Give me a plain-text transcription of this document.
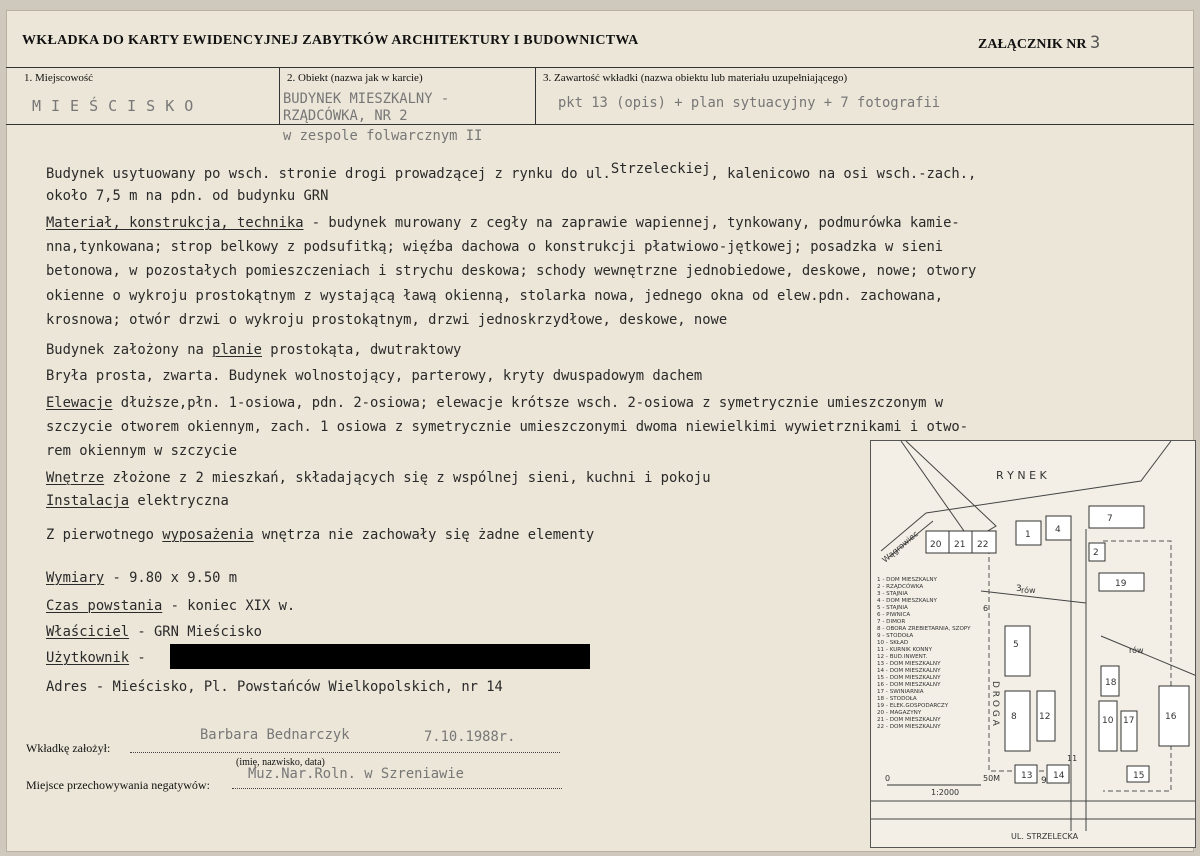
WKŁADKA DO KARTY EWIDENCYJNEJ ZABYTKÓW ARCHITEKTURY I BUDOWNICTWA	ZAŁĄCZNIK NR 3
1. Miejscowość	2. Obiekt (nazwa jak w karcie)	3. Zawartość wkładki (nazwa obiektu lub materiału uzupełniającego)
MIEŚCISKO	BUDYNEK MIESZKALNY -
RZĄDCÓWKA, NR 2
w zespole folwarcznym II
pkt 13 (opis) + plan sytuacyjny + 7 fotografii
Budynek usytuowany po wsch. stronie drogi prowadzącej z rynku do ul.Strzeleckiej, kalenicowo na osi wsch.-zach.,
około 7,5 m na pdn. od budynku GRN
Materiał, konstrukcja, technika - budynek murowany z cegły na zaprawie wapiennej, tynkowany, podmurówka kamie-
nna,tynkowana; strop belkowy z podsufitką; więźba dachowa o konstrukcji płatwiowo-jętkowej; posadzka w sieni
betonowa, w pozostałych pomieszczeniach i strychu deskowa; schody wewnętrzne jednobiedowe, deskowe, nowe; otwory
okienne o wykroju prostokątnym z wystającą ławą okienną, stolarka nowa, jednego okna od elew.pdn. zachowana,
krosnowa; otwór drzwi o wykroju prostokątnym, drzwi jednoskrzydłowe, deskowe, nowe
Budynek założony na planie prostokąta, dwutraktowy
Bryła prosta, zwarta. Budynek wolnostojący, parterowy, kryty dwuspadowym dachem
Elewacje dłuższe,płn. 1-osiowa, pdn. 2-osiowa; elewacje krótsze wsch. 2-osiowa z symetrycznie umieszczonym w
szczycie otworem okiennym, zach. 1 osiowa z symetrycznie umieszczonymi dwoma niewielkimi wywietrznikami i otwo-
rem okiennym w szczycie
Wnętrze złożone z 2 mieszkań, składających się z wspólnej sieni, kuchni i pokoju
Instalacja elektryczna
Z pierwotnego wyposażenia wnętrza nie zachowały się żadne elementy
Wymiary - 9.80 x 9.50 m
Czas powstania - koniec XIX w.
Właściciel - GRN Mieścisko
Użytkownik -
Adres - Mieścisko, Pl. Powstańców Wielkopolskich, nr 14
Wkładkę założył:
Barbara Bednarczyk	7.10.1988r.
(imię, nazwisko, data)
Miejsce przechowywania negatywów:
Muz.Nar.Roln. w Szreniawie
20 21 22
1	4
7
2
19
3
5
18
8 12	10 17	16
13 9 14	15
11
6
R Y N E K
Wągrowiec
D R O G A
rów
rów
UL. STRZELECKA
0	50M
1:2000
1 - DOM MIESZKALNY
2 - RZĄDCÓWKA
3 - STAJNIA
4 - DOM MIESZKALNY
5 - STAJNIA
6 - PIWNICA
7 - DIMOR
8 - OBORA ZREBIETARNIA, SZOPY
9 - STODOŁA
10 - SKŁAD
11 - KURNIK KONNY
12 - BUD.INWENT.
13 - DOM MIESZKALNY
14 - DOM MIESZKALNY
15 - DOM MIESZKALNY
16 - DOM MIESZKALNY
17 - SWINIARNIA
18 - STODOŁA
19 - ELEK.GOSPODARCZY
20 - MAGAZYNY
21 - DOM MIESZKALNY
22 - DOM MIESZKALNY
